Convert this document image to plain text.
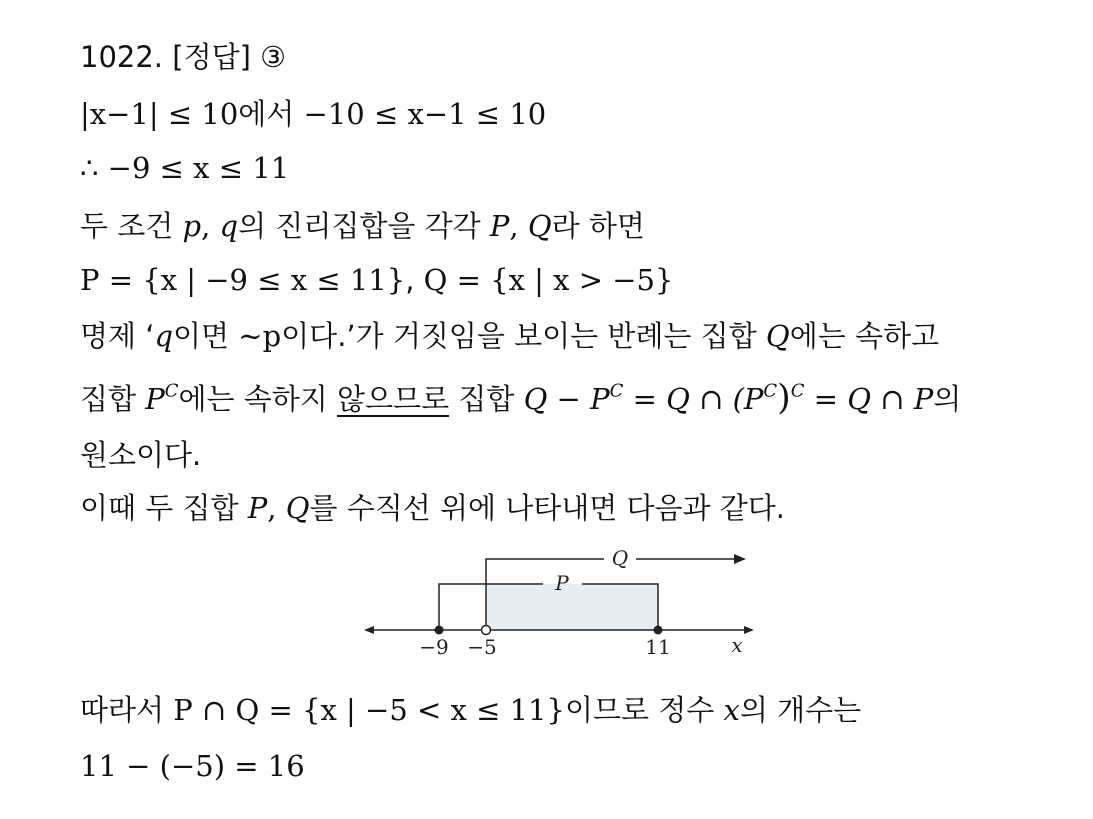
1022. [정답] ③
|x−1| ≤ 10에서 −10 ≤ x−1 ≤ 10
∴ −9 ≤ x ≤ 11
두 조건 p, q의 진리집합을 각각 P, Q라 하면
P = {x | −9 ≤ x ≤ 11}, Q = {x | x > −5}
명제 ‘q이면 ∼p이다.’가 거짓임을 보이는 반례는 집합 Q에는 속하고
집합 $P^C$에는 속하지 않으므로 집합 $Q - P^C = Q$ ∩ $(P^C)^C = Q$ ∩ P의
원소이다.
이때 두 집합 P, Q를 수직선 위에 나타내면 다음과 같다.
P
Q
−9 −5	11	x
따라서 P ∩ Q = {x | −5 < x ≤ 11}이므로 정수 x의 개수는
11 − (−5) = 16
